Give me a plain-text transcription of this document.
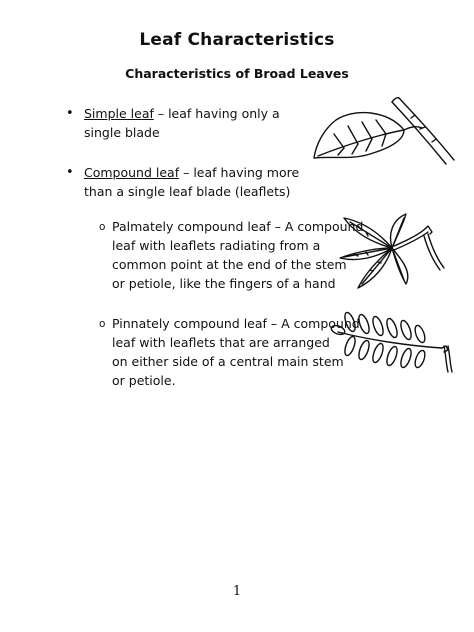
Leaf Characteristics
Characteristics of Broad Leaves
• Simple leaf – leaf having only a
single blade
• Compound leaf – leaf having more
than a single leaf blade (leaflets)
o Palmately compound leaf – A compound
leaf with leaflets radiating from a
common point at the end of the stem
or petiole, like the fingers of a hand
o Pinnately compound leaf – A compound
leaf with leaflets that are arranged
on either side of a central main stem
or petiole.
1
